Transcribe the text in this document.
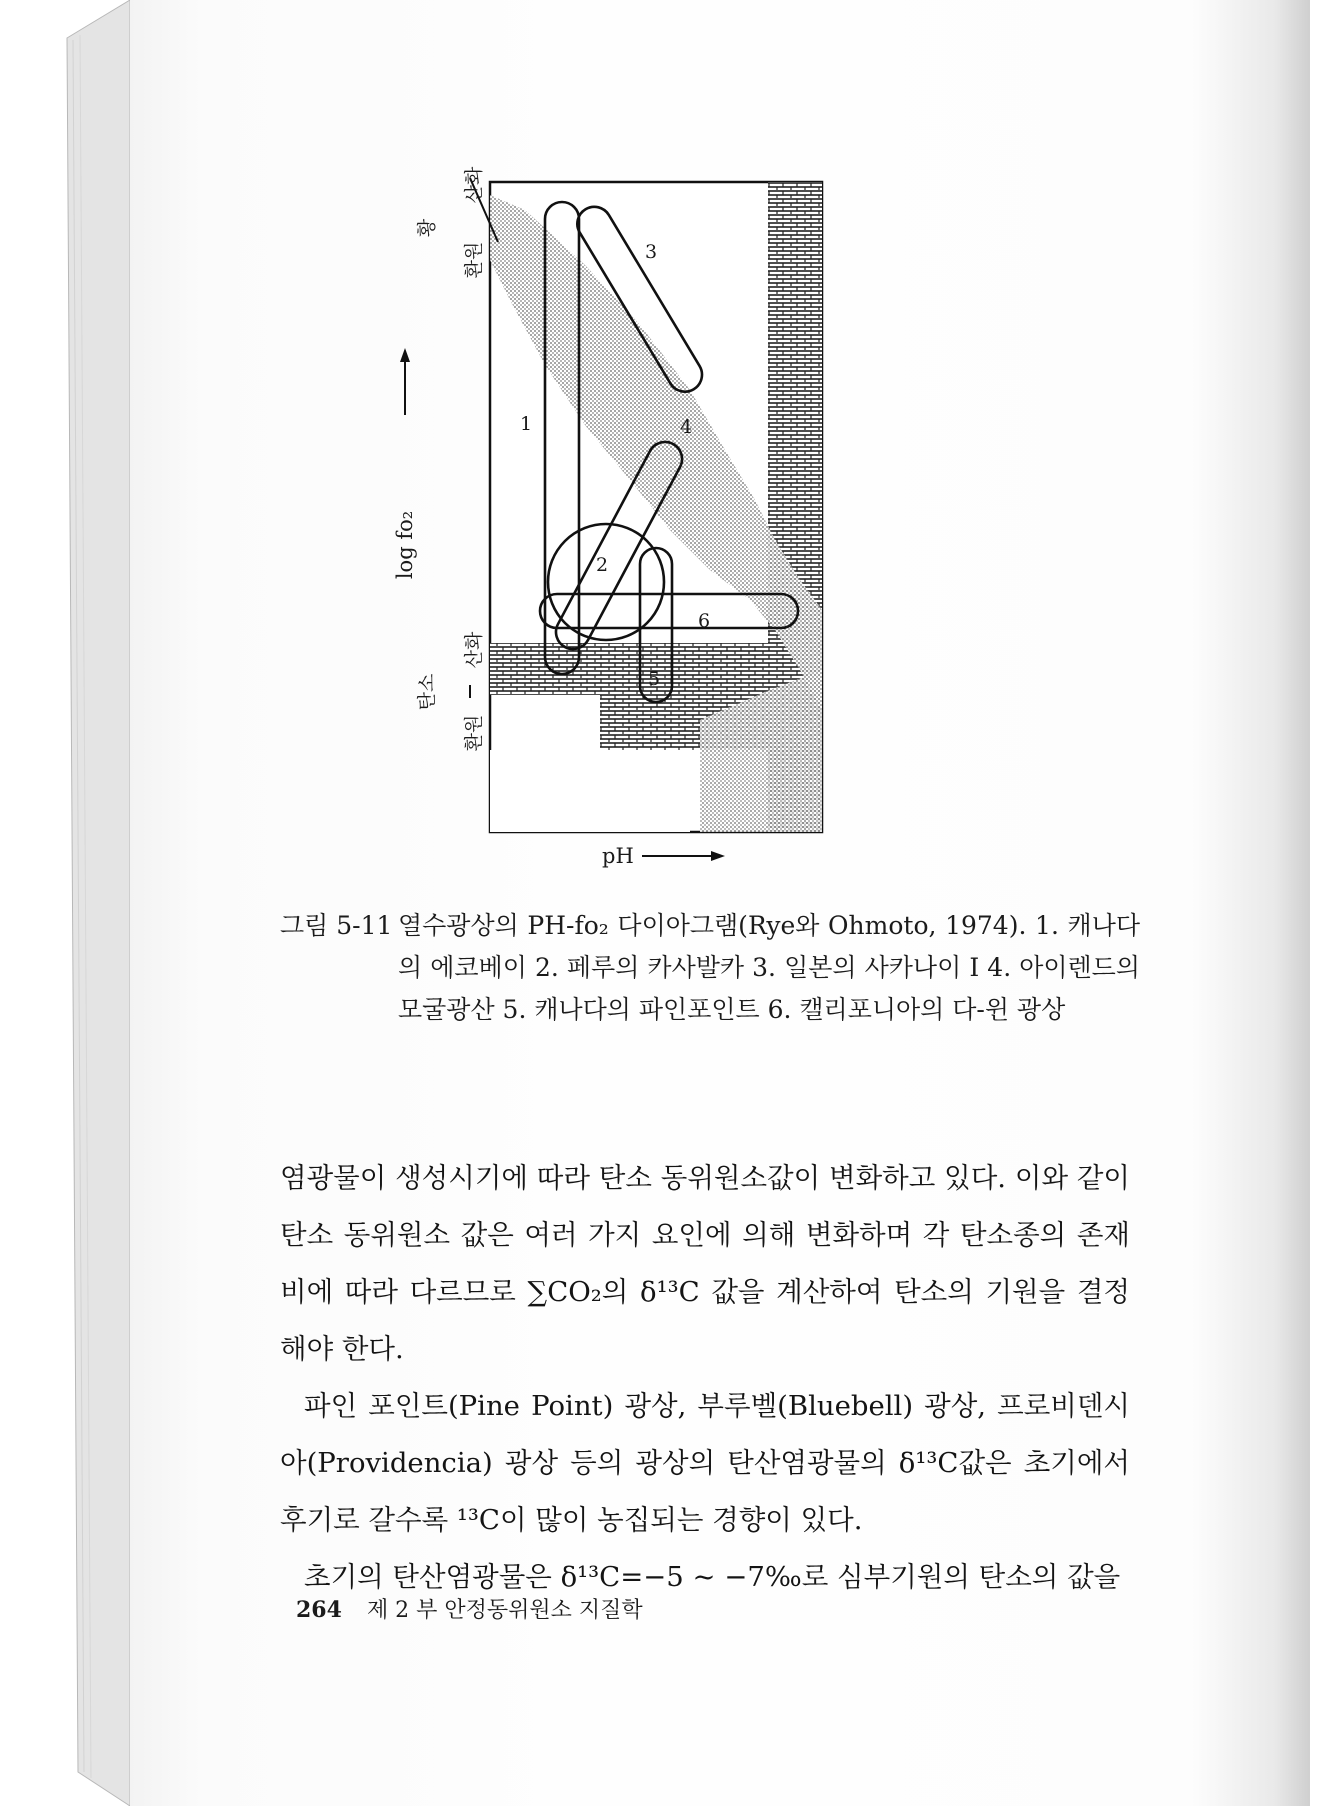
1
2
3
4
5
6
log fo₂
산화
황
환원
산화
탄소
환원
pH
그림 5-11 열수광상의 PH-fo₂ 다이아그램(Rye와 Ohmoto, 1974). 1. 캐나다의 에코베이 2. 페루의 카사발카 3. 일본의 사카나이 I 4. 아이렌드의 모굴광산 5. 캐나다의 파인포인트 6. 캘리포니아의 다-윈 광상

염광물이 생성시기에 따라 탄소 동위원소값이 변화하고 있다. 이와 같이 탄소 동위원소 값은 여러 가지 요인에 의해 변화하며 각 탄소종의 존재비에 따라 다르므로 ∑CO₂의 δ¹³C 값을 계산하여 탄소의 기원을 결정해야 한다.

파인 포인트(Pine Point) 광상, 부루벨(Bluebell) 광상, 프로비덴시아(Providencia) 광상 등의 광상의 탄산염광물의 δ¹³C값은 초기에서 후기로 갈수록 ¹³C이 많이 농집되는 경향이 있다.

초기의 탄산염광물은 δ¹³C=−5 ~ −7‰로 심부기원의 탄소의 값을

264 제 2 부 안정동위원소 지질학
